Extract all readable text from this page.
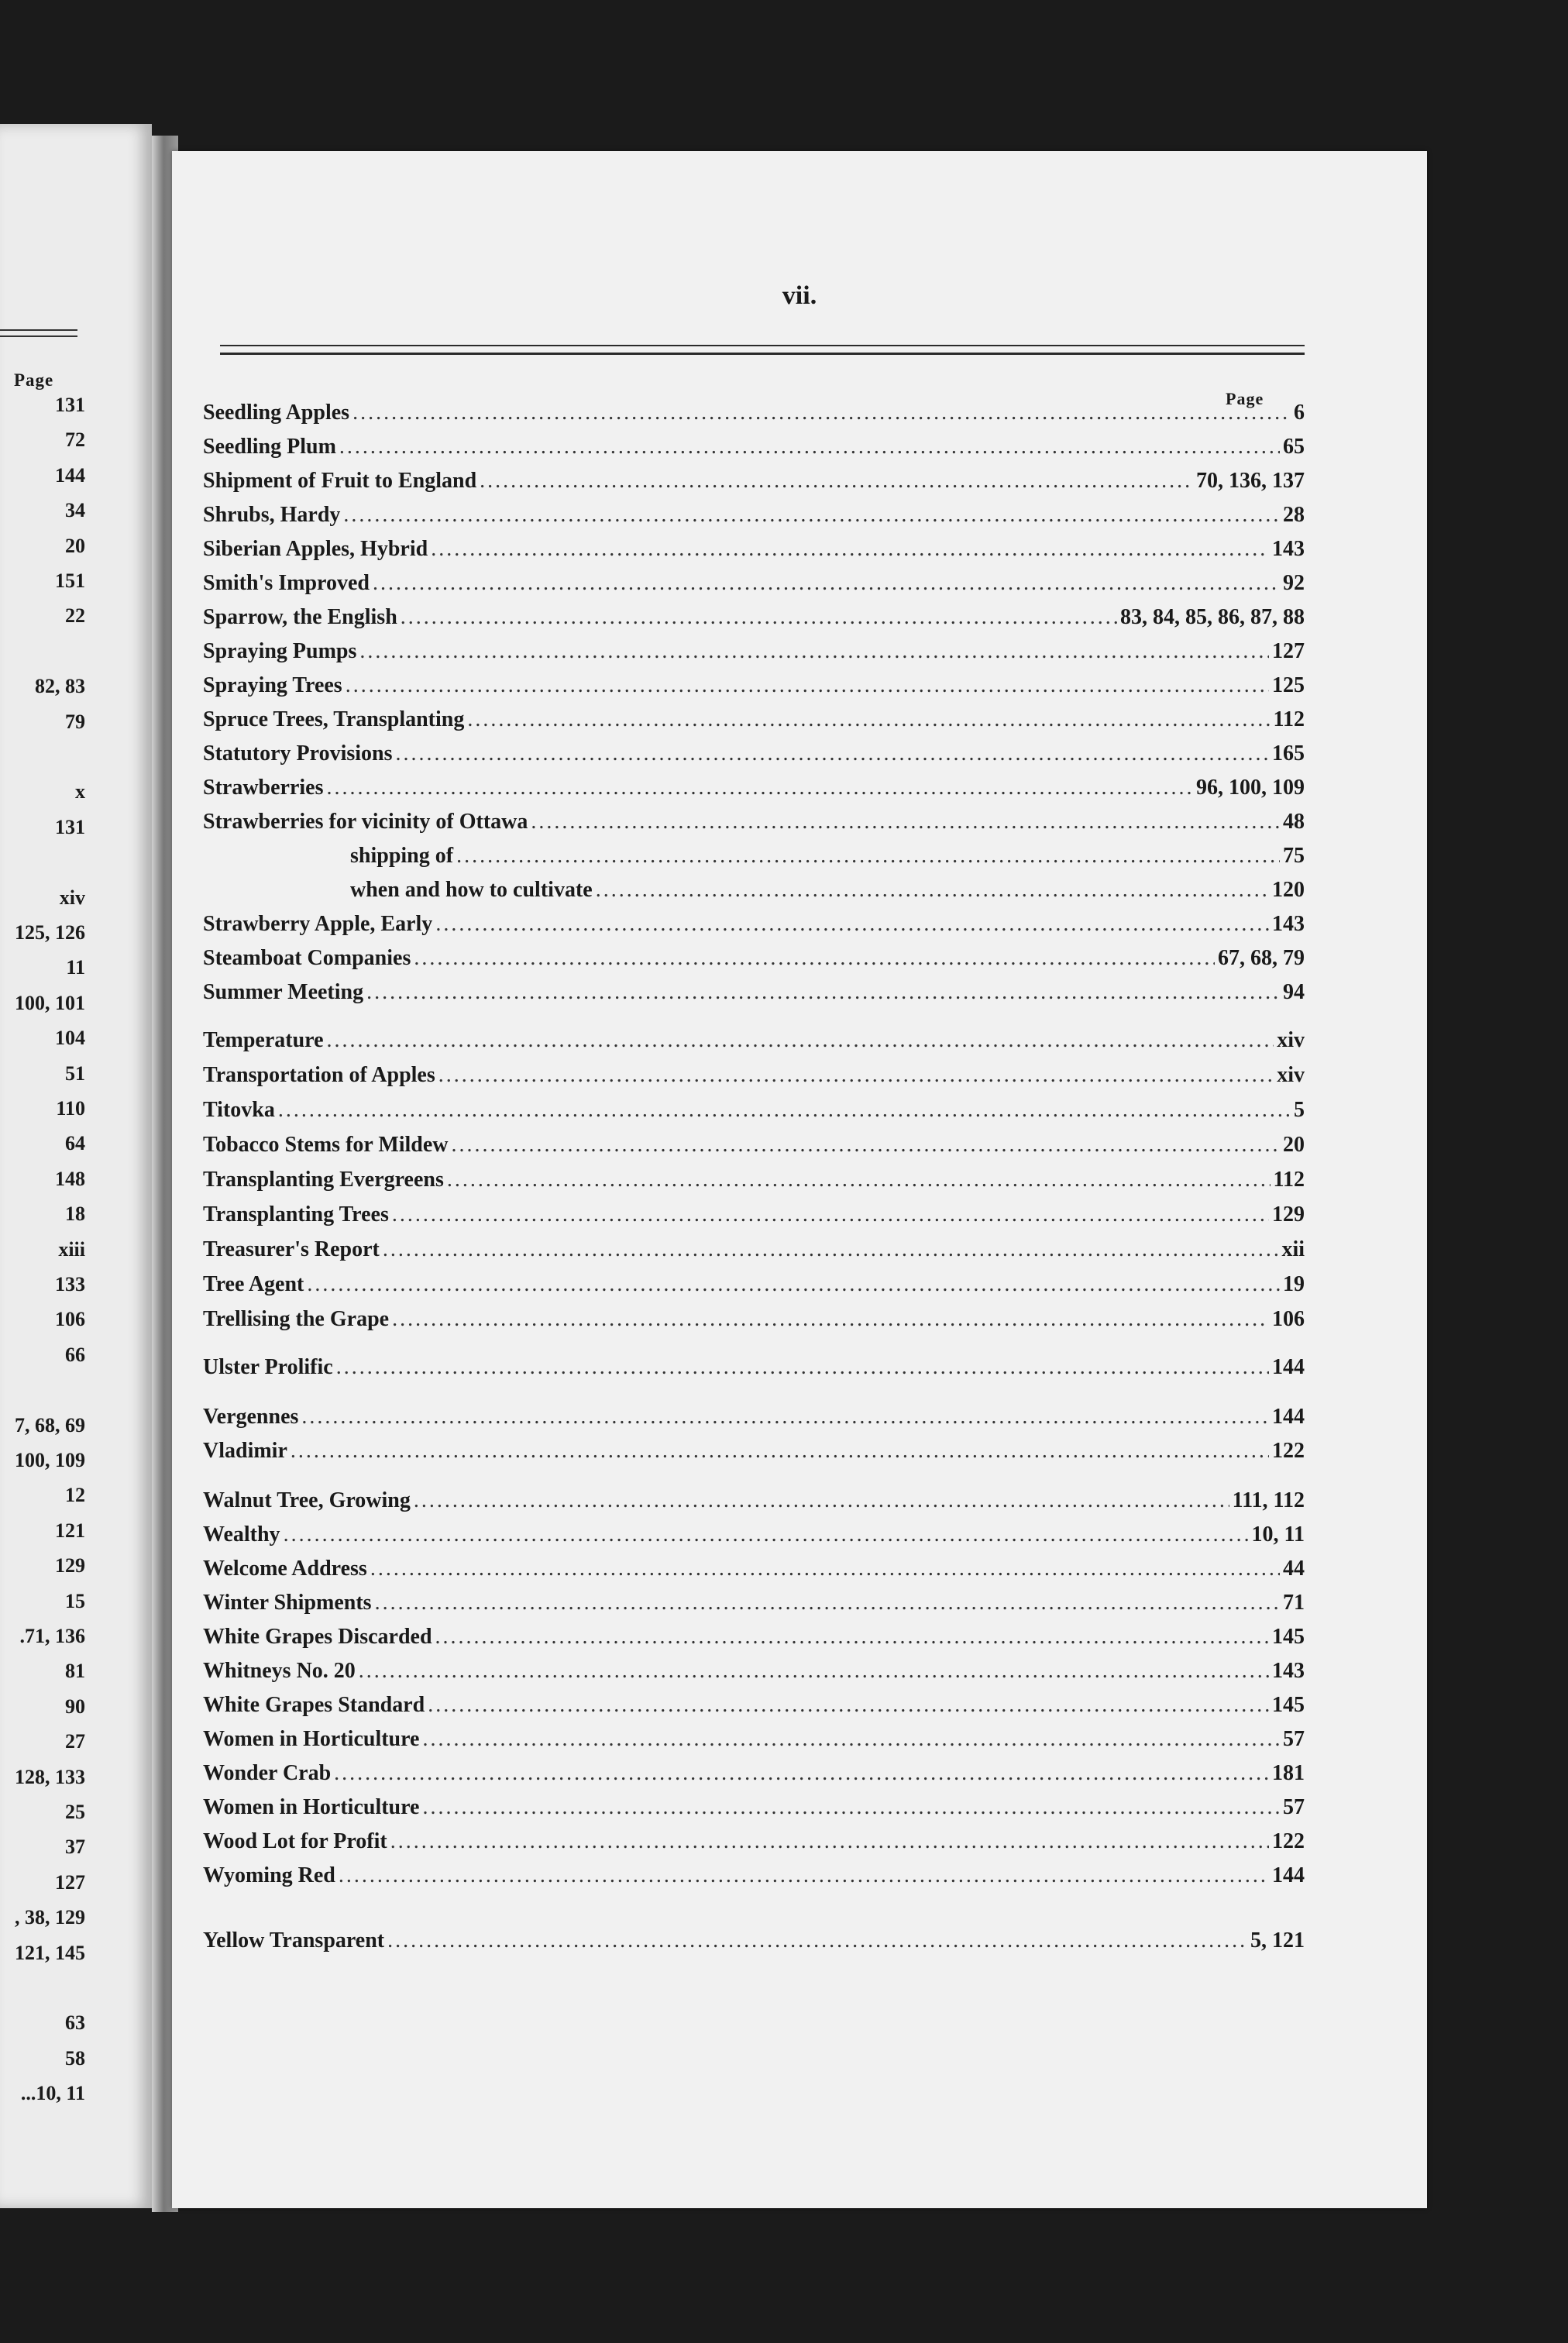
Page
131
72
144
34
20
151
22
82, 83
79
x
131
xiv
125, 126
11
100, 101
104
51
110
64
148
18
xiii
133
106
66
7, 68, 69
100, 109
12
121
129
15
.71, 136
81
90
27
128, 133
25
37
127
, 38, 129
121, 145
63
58
...10, 11
vii.
Page
Seedling Apples .....	6
Seedling Plum .....	65
Shipment of Fruit to England .....	70, 136, 137
Shrubs, Hardy .....	28
Siberian Apples, Hybrid .....	143
Smith's Improved .....	92
Sparrow, the English .....	83, 84, 85, 86, 87, 88
Spraying Pumps .....	127
Spraying Trees .....	125
Spruce Trees, Transplanting .....	112
Statutory Provisions .....	165
Strawberries .....	96, 100, 109
Strawberries for vicinity of Ottawa .....	48
shipping of .....	75
when and how to cultivate .....	120
Strawberry Apple, Early .....	143
Steamboat Companies .....	67, 68, 79
Summer Meeting .....	94
Temperature .....	xiv
Transportation of Apples .....	xiv
Titovka .....	5
Tobacco Stems for Mildew .....	20
Transplanting Evergreens .....	112
Transplanting Trees .....	129
Treasurer's Report .....	xii
Tree Agent .....	19
Trellising the Grape .....	106
Ulster Prolific .....	144
Vergennes .....	144
Vladimir .....	122
Walnut Tree, Growing .....	111, 112
Wealthy .....	10, 11
Welcome Address .....	44
Winter Shipments .....	71
White Grapes Discarded .....	145
Whitneys No. 20 .....	143
White Grapes Standard .....	145
Women in Horticulture .....	57
Wonder Crab .....	181
Women in Horticulture .....	57
Wood Lot for Profit .....	122
Wyoming Red .....	144
Yellow Transparent .....	5, 121
